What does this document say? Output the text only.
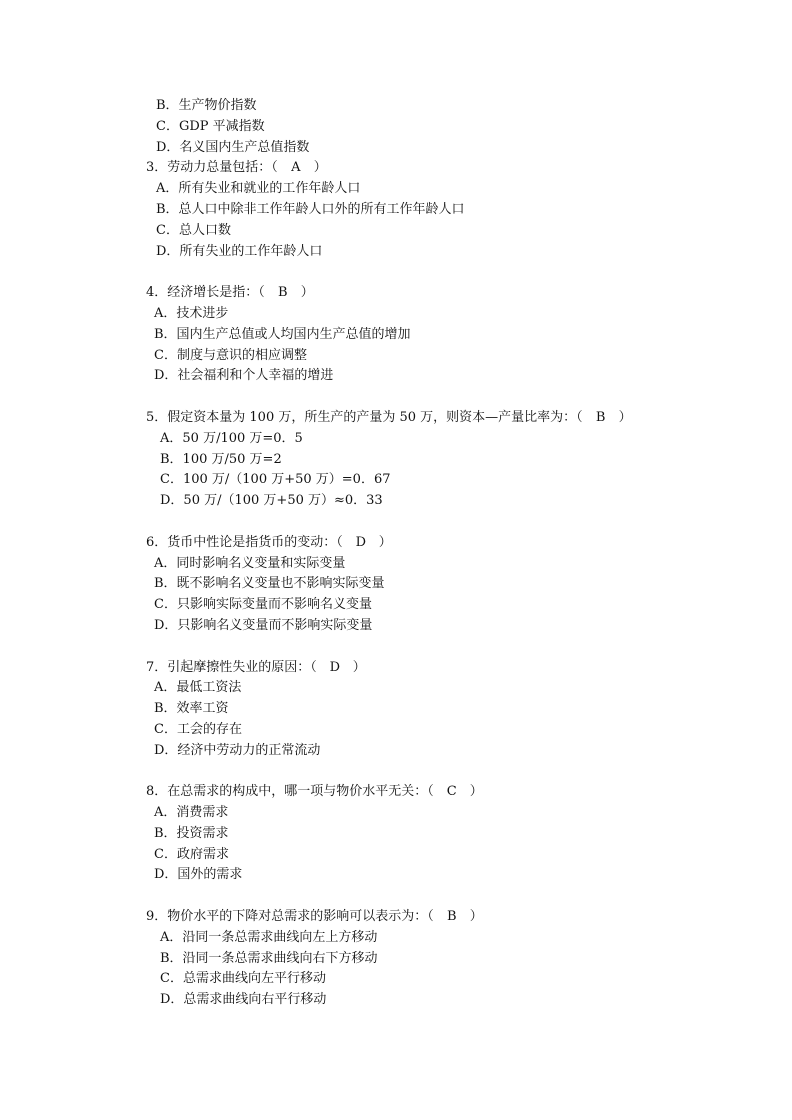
B．生产物价指数
C．GDP 平减指数
D．名义国内生产总值指数
3．劳动力总量包括：（ A ）
A．所有失业和就业的工作年龄人口
B．总人口中除非工作年龄人口外的所有工作年龄人口
C．总人口数
D．所有失业的工作年龄人口
4．经济增长是指：（ B ）
A．技术进步
B．国内生产总值或人均国内生产总值的增加
C．制度与意识的相应调整
D．社会福利和个人幸福的增进
5．假定资本量为 100 万，所生产的产量为 50 万，则资本—产量比率为：（ B ）
A．50 万/100 万=0．5
B．100 万/50 万=2
C．100 万/（100 万+50 万）=0．67
D．50 万/（100 万+50 万）≈0．33
6．货币中性论是指货币的变动：（ D ）
A．同时影响名义变量和实际变量
B．既不影响名义变量也不影响实际变量
C．只影响实际变量而不影响名义变量
D．只影响名义变量而不影响实际变量
7．引起摩擦性失业的原因：（ D ）
A．最低工资法
B．效率工资
C．工会的存在
D．经济中劳动力的正常流动
8．在总需求的构成中，哪一项与物价水平无关：（ C ）
A．消费需求
B．投资需求
C．政府需求
D．国外的需求
9．物价水平的下降对总需求的影响可以表示为：（ B ）
A．沿同一条总需求曲线向左上方移动
B．沿同一条总需求曲线向右下方移动
C．总需求曲线向左平行移动
D．总需求曲线向右平行移动
